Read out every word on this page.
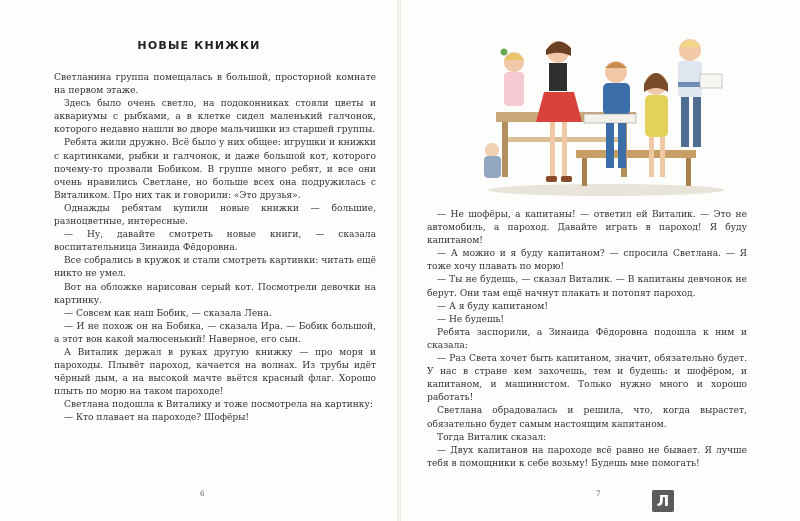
НОВЫЕ КНИЖКИ

Светланина группа помещалась в большой, просторной комнате на первом этаже.

Здесь было очень светло, на подоконниках стояли цветы и аквариумы с рыбками, а в клетке сидел маленький галчонок, которого недавно нашли во дворе мальчишки из старшей группы.

Ребята жили дружно. Всё было у них общее: игрушки и книжки с картинками, рыбки и галчонок, и даже большой кот, которого почему-то прозвали Бобиком. В группе много ребят, и все они очень нравились Светлане, но больше всех она подружилась с Виталиком. Про них так и говорили: «Это друзья».

Однажды ребятам купили новые книжки — большие, разноцветные, интересные.

— Ну, давайте смотреть новые книги, — сказала воспитательница Зинаида Фёдоровна.

Все собрались в кружок и стали смотреть картинки: читать ещё никто не умел.

Вот на обложке нарисован серый кот. Посмотрели девочки на картинку.

— Совсем как наш Бобик, — сказала Лена.

— И не похож он на Бобика, — сказала Ира. — Бобик большой, а этот вон какой малюсенький! Наверное, его сын.

А Виталик держал в руках другую книжку — про моря и пароходы. Плывёт пароход, качается на волнах. Из трубы идёт чёрный дым, а на высокой мачте вьётся красный флаг. Хорошо плыть по морю на таком пароходе!

Светлана подошла к Виталику и тоже посмотрела на картинку:

— Кто плавает на пароходе? Шофёры!

— Не шофёры, а капитаны! — ответил ей Виталик. — Это не автомобиль, а пароход. Давайте играть в пароход! Я буду капитаном!

— А можно и я буду капитаном? — спросила Светлана. — Я тоже хочу плавать по морю!

— Ты не будешь, — сказал Виталик. — В капитаны девчонок не берут. Они там ещё начнут плакать и потопят пароход.

— А я буду капитаном!

— Не будешь!

Ребята заспорили, а Зинаида Фёдоровна подошла к ним и сказала:

— Раз Света хочет быть капитаном, значит, обязательно будет. У нас в стране кем захочешь, тем и будешь: и шофёром, и капитаном, и машинистом. Только нужно много и хорошо работать!

Светлана обрадовалась и решила, что, когда вырастет, обязательно будет самым настоящим капитаном.

Тогда Виталик сказал:

— Двух капитанов на пароходе всё равно не бывает. Я лучше тебя в помощники к себе возьму! Будешь мне помогать!

6	7	Л
